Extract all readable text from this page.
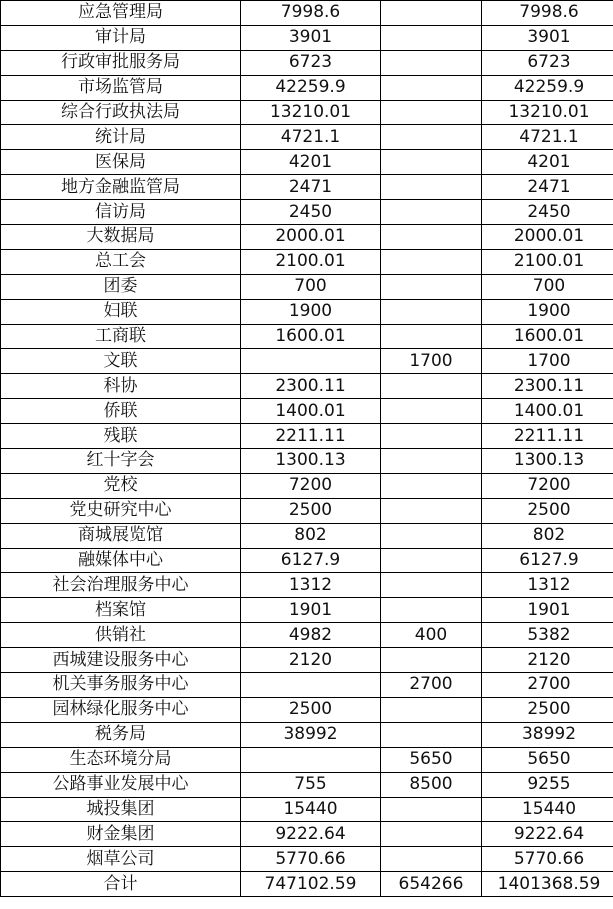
应急管理局	7998.6		7998.6
审计局	3901		3901
行政审批服务局	6723		6723
市场监管局	42259.9		42259.9
综合行政执法局	13210.01		13210.01
统计局	4721.1		4721.1
医保局	4201		4201
地方金融监管局	2471		2471
信访局	2450		2450
大数据局	2000.01		2000.01
总工会	2100.01		2100.01
团委	700		700
妇联	1900		1900
工商联	1600.01		1600.01
文联		1700	1700
科协	2300.11		2300.11
侨联	1400.01		1400.01
残联	2211.11		2211.11
红十字会	1300.13		1300.13
党校	7200		7200
党史研究中心	2500		2500
商城展览馆	802		802
融媒体中心	6127.9		6127.9
社会治理服务中心	1312		1312
档案馆	1901		1901
供销社	4982	400	5382
西城建设服务中心	2120		2120
机关事务服务中心		2700	2700
园林绿化服务中心	2500		2500
税务局	38992		38992
生态环境分局		5650	5650
公路事业发展中心	755	8500	9255
城投集团	15440		15440
财金集团	9222.64		9222.64
烟草公司	5770.66		5770.66
合计	747102.59	654266	1401368.59
